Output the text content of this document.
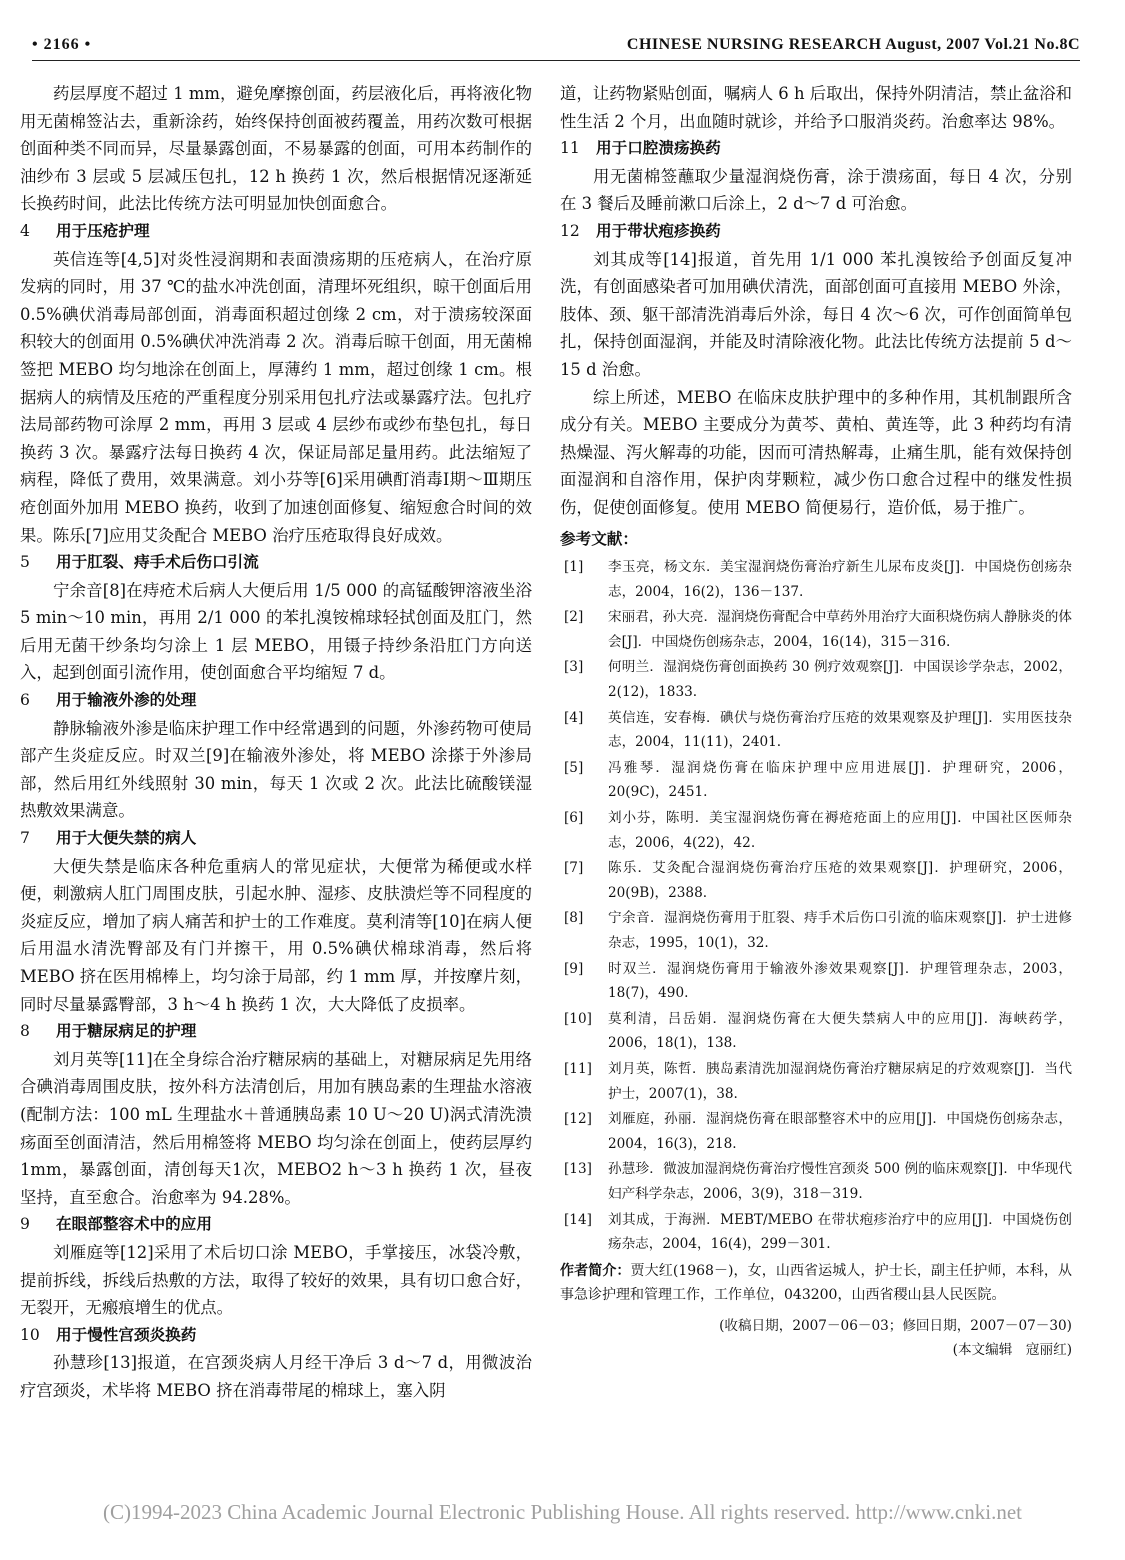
• 2166 •	CHINESE NURSING RESEARCH August, 2007 Vol.21 No.8C

药层厚度不超过 1 mm，避免摩擦创面，药层液化后，再将液化物用无菌棉签沾去，重新涂药，始终保持创面被药覆盖，用药次数可根据创面种类不同而异，尽量暴露创面，不易暴露的创面，可用本药制作的油纱布 3 层或 5 层减压包扎，12 h 换药 1 次，然后根据情况逐渐延长换药时间，此法比传统方法可明显加快创面愈合。

4 用于压疮护理

英信连等[4,5]对炎性浸润期和表面溃疡期的压疮病人，在治疗原发病的同时，用 37 ℃的盐水冲洗创面，清理坏死组织，晾干创面后用 0.5%碘伏消毒局部创面，消毒面积超过创缘 2 cm，对于溃疡较深面积较大的创面用 0.5%碘伏冲洗消毒 2 次。消毒后晾干创面，用无菌棉签把 MEBO 均匀地涂在创面上，厚薄约 1 mm，超过创缘 1 cm。根据病人的病情及压疮的严重程度分别采用包扎疗法或暴露疗法。包扎疗法局部药物可涂厚 2 mm，再用 3 层或 4 层纱布或纱布垫包扎，每日换药 3 次。暴露疗法每日换药 4 次，保证局部足量用药。此法缩短了病程，降低了费用，效果满意。刘小芬等[6]采用碘酊消毒Ⅰ期～Ⅲ期压疮创面外加用 MEBO 换药，收到了加速创面修复、缩短愈合时间的效果。陈乐[7]应用艾灸配合 MEBO 治疗压疮取得良好成效。

5 用于肛裂、痔手术后伤口引流

宁余音[8]在痔疮术后病人大便后用 1/5 000 的高锰酸钾溶液坐浴 5 min～10 min，再用 2/1 000 的苯扎溴铵棉球轻拭创面及肛门，然后用无菌干纱条均匀涂上 1 层 MEBO，用镊子持纱条沿肛门方向送入，起到创面引流作用，使创面愈合平均缩短 7 d。

6 用于输液外渗的处理

静脉输液外渗是临床护理工作中经常遇到的问题，外渗药物可使局部产生炎症反应。时双兰[9]在输液外渗处，将 MEBO 涂搽于外渗局部，然后用红外线照射 30 min，每天 1 次或 2 次。此法比硫酸镁湿热敷效果满意。

7 用于大便失禁的病人

大便失禁是临床各种危重病人的常见症状，大便常为稀便或水样便，刺激病人肛门周围皮肤，引起水肿、湿疹、皮肤溃烂等不同程度的炎症反应，增加了病人痛苦和护士的工作难度。莫利清等[10]在病人便后用温水清洗臀部及有门并擦干，用 0.5%碘伏棉球消毒，然后将 MEBO 挤在医用棉棒上，均匀涂于局部，约 1 mm 厚，并按摩片刻，同时尽量暴露臀部，3 h～4 h 换药 1 次，大大降低了皮损率。

8 用于糖尿病足的护理

刘月英等[11]在全身综合治疗糖尿病的基础上，对糖尿病足先用络合碘消毒周围皮肤，按外科方法清创后，用加有胰岛素的生理盐水溶液(配制方法：100 mL 生理盐水＋普通胰岛素 10 U～20 U)涡式清洗溃疡面至创面清洁，然后用棉签将 MEBO 均匀涂在创面上，使药层厚约1mm，暴露创面，清创每天1次，MEBO2 h～3 h 换药 1 次，昼夜坚持，直至愈合。治愈率为 94.28%。

9 在眼部整容术中的应用

刘雁庭等[12]采用了术后切口涂 MEBO，手掌接压，冰袋冷敷，提前拆线，拆线后热敷的方法，取得了较好的效果，具有切口愈合好，无裂开，无瘢痕增生的优点。

10 用于慢性宫颈炎换药

孙慧珍[13]报道，在宫颈炎病人月经干净后 3 d～7 d，用微波治疗宫颈炎，术毕将 MEBO 挤在消毒带尾的棉球上，塞入阴

道，让药物紧贴创面，嘱病人 6 h 后取出，保持外阴清洁，禁止盆浴和性生活 2 个月，出血随时就诊，并给予口服消炎药。治愈率达 98%。

11 用于口腔溃疡换药

用无菌棉签蘸取少量湿润烧伤膏，涂于溃疡面，每日 4 次，分别在 3 餐后及睡前漱口后涂上，2 d～7 d 可治愈。

12 用于带状疱疹换药

刘其成等[14]报道，首先用 1/1 000 苯扎溴铵给予创面反复冲洗，有创面感染者可加用碘伏清洗，面部创面可直接用 MEBO 外涂，肢体、颈、躯干部清洗消毒后外涂，每日 4 次～6 次，可作创面简单包扎，保持创面湿润，并能及时清除液化物。此法比传统方法提前 5 d～15 d 治愈。

综上所述，MEBO 在临床皮肤护理中的多种作用，其机制跟所含成分有关。MEBO 主要成分为黄芩、黄柏、黄连等，此 3 种药均有清热燥湿、泻火解毒的功能，因而可清热解毒，止痛生肌，能有效保持创面湿润和自溶作用，保护肉芽颗粒，减少伤口愈合过程中的继发性损伤，促使创面修复。使用 MEBO 简便易行，造价低，易于推广。

参考文献：

[1]	李玉亮，杨文东．美宝湿润烧伤膏治疗新生儿尿布皮炎[J]．中国烧伤创疡杂志，2004，16(2)，136－137.
[2]	宋丽君，孙大亮．湿润烧伤膏配合中草药外用治疗大面积烧伤病人静脉炎的体会[J]．中国烧伤创疡杂志，2004，16(14)，315－316.
[3]	何明兰．湿润烧伤膏创面换药 30 例疗效观察[J]．中国误诊学杂志，2002，2(12)，1833.
[4]	英信连，安春梅．碘伏与烧伤膏治疗压疮的效果观察及护理[J]．实用医技杂志，2004，11(11)，2401.
[5]	冯雅琴．湿润烧伤膏在临床护理中应用进展[J]．护理研究，2006，20(9C)，2451.
[6]	刘小芬，陈明．美宝湿润烧伤膏在褥疮疮面上的应用[J]．中国社区医师杂志，2006，4(22)，42.
[7]	陈乐．艾灸配合湿润烧伤膏治疗压疮的效果观察[J]．护理研究，2006，20(9B)，2388.
[8]	宁余音．湿润烧伤膏用于肛裂、痔手术后伤口引流的临床观察[J]．护士进修杂志，1995，10(1)，32.
[9]	时双兰．湿润烧伤膏用于输液外渗效果观察[J]．护理管理杂志，2003，18(7)，490.
[10]	莫利清，吕岳娟．湿润烧伤膏在大便失禁病人中的应用[J]．海峡药学，2006，18(1)，138.
[11]	刘月英，陈哲．胰岛素清洗加湿润烧伤膏治疗糖尿病足的疗效观察[J]．当代护士，2007(1)，38.
[12]	刘雁庭，孙丽．湿润烧伤膏在眼部整容术中的应用[J]．中国烧伤创疡杂志，2004，16(3)，218.
[13]	孙慧珍．微波加湿润烧伤膏治疗慢性宫颈炎 500 例的临床观察[J]．中华现代妇产科学杂志，2006，3(9)，318－319.
[14]	刘其成，于海洲．MEBT/MEBO 在带状疱疹治疗中的应用[J]．中国烧伤创疡杂志，2004，16(4)，299－301.

作者简介：贾大红(1968－)，女，山西省运城人，护士长，副主任护师，本科，从事急诊护理和管理工作，工作单位，043200，山西省稷山县人民医院。

(收稿日期，2007－06－03；修回日期，2007－07－30)

(本文编辑　寇丽红)

(C)1994-2023 China Academic Journal Electronic Publishing House. All rights reserved. http://www.cnki.net
